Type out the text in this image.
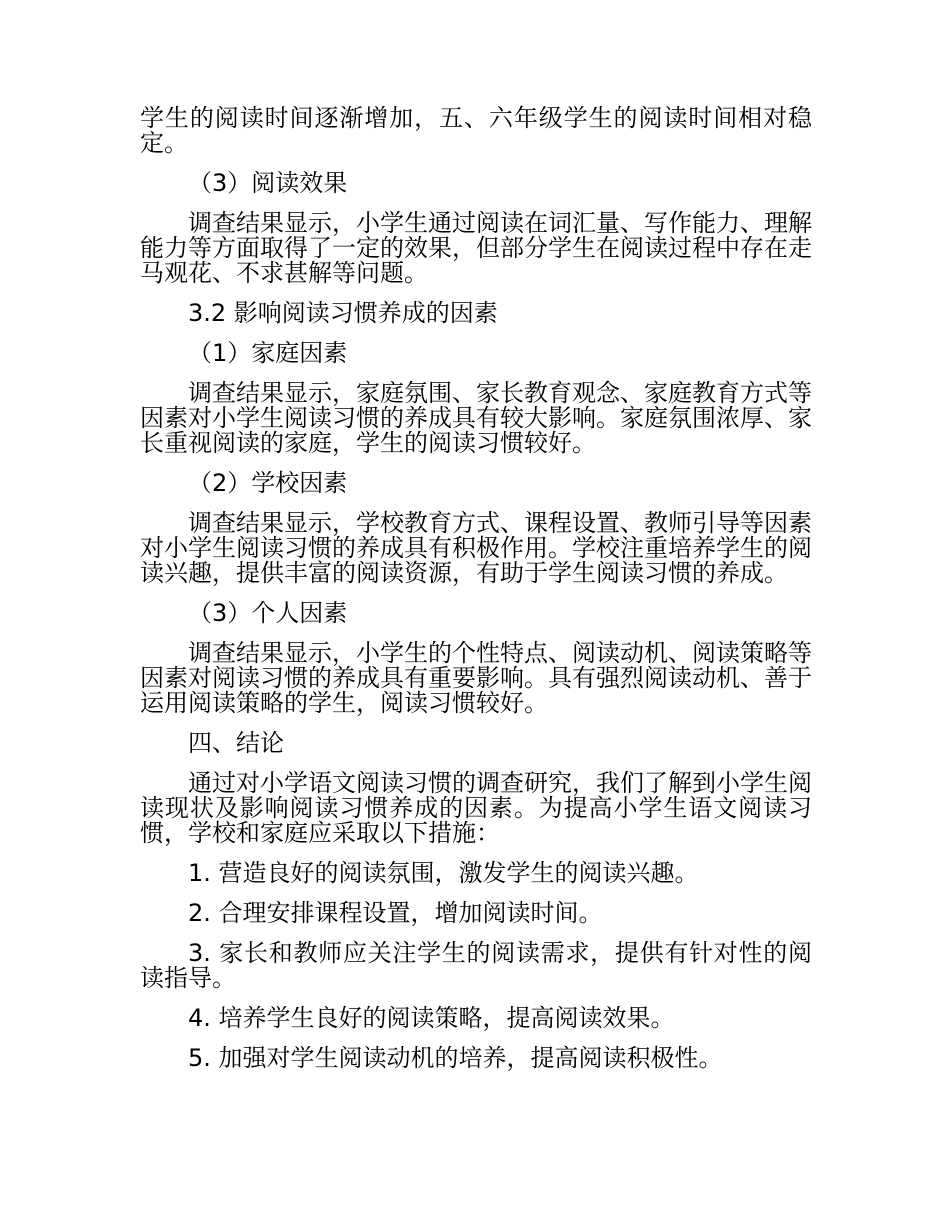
学生的阅读时间逐渐增加，五、六年级学生的阅读时间相对稳定。

（3）阅读效果

调查结果显示，小学生通过阅读在词汇量、写作能力、理解能力等方面取得了一定的效果，但部分学生在阅读过程中存在走马观花、不求甚解等问题。

3.2 影响阅读习惯养成的因素

（1）家庭因素

调查结果显示，家庭氛围、家长教育观念、家庭教育方式等因素对小学生阅读习惯的养成具有较大影响。家庭氛围浓厚、家长重视阅读的家庭，学生的阅读习惯较好。

（2）学校因素

调查结果显示，学校教育方式、课程设置、教师引导等因素对小学生阅读习惯的养成具有积极作用。学校注重培养学生的阅读兴趣，提供丰富的阅读资源，有助于学生阅读习惯的养成。

（3）个人因素

调查结果显示，小学生的个性特点、阅读动机、阅读策略等因素对阅读习惯的养成具有重要影响。具有强烈阅读动机、善于运用阅读策略的学生，阅读习惯较好。

四、结论

通过对小学语文阅读习惯的调查研究，我们了解到小学生阅读现状及影响阅读习惯养成的因素。为提高小学生语文阅读习惯，学校和家庭应采取以下措施：

1. 营造良好的阅读氛围，激发学生的阅读兴趣。

2. 合理安排课程设置，增加阅读时间。

3. 家长和教师应关注学生的阅读需求，提供有针对性的阅读指导。

4. 培养学生良好的阅读策略，提高阅读效果。

5. 加强对学生阅读动机的培养，提高阅读积极性。
